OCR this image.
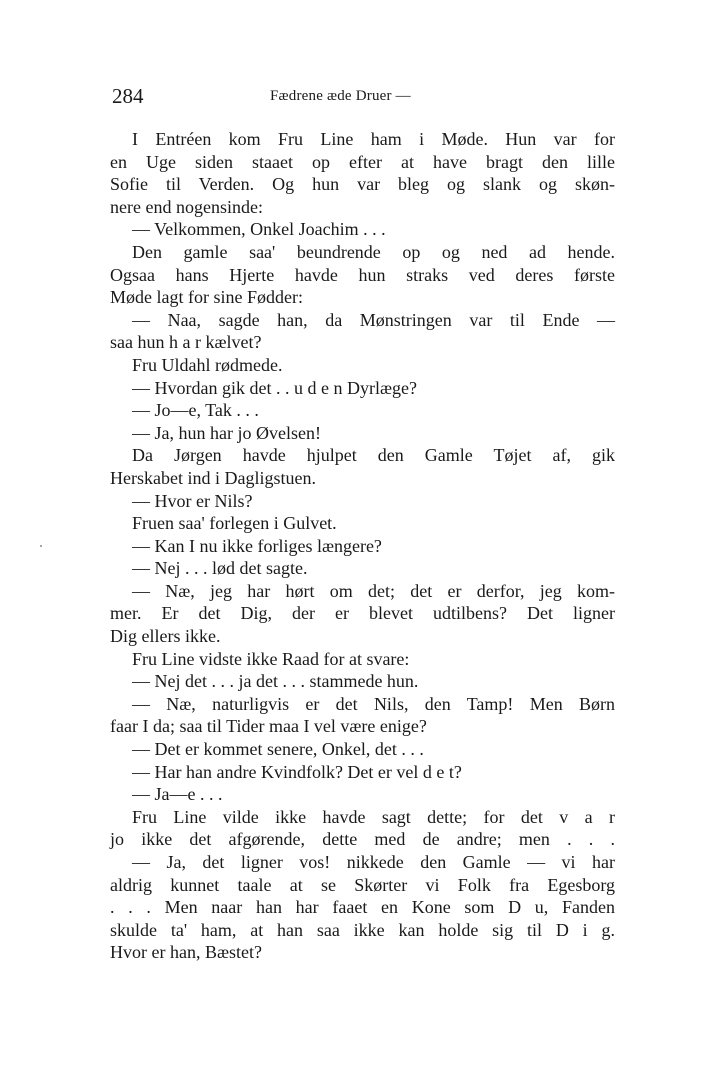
284	Fædrene æde Druer —
I Entréen kom Fru Line ham i Møde. Hun var for
en Uge siden staaet op efter at have bragt den lille
Sofie til Verden. Og hun var bleg og slank og skøn-
nere end nogensinde:
— Velkommen, Onkel Joachim . . .
Den gamle saa' beundrende op og ned ad hende.
Ogsaa hans Hjerte havde hun straks ved deres første
Møde lagt for sine Fødder:
— Naa, sagde han, da Mønstringen var til Ende —
saa hun h a r kælvet?
Fru Uldahl rødmede.
— Hvordan gik det . . u d e n Dyrlæge?
— Jo—e, Tak . . .
— Ja, hun har jo Øvelsen!
Da Jørgen havde hjulpet den Gamle Tøjet af, gik
Herskabet ind i Dagligstuen.
— Hvor er Nils?
Fruen saa' forlegen i Gulvet.
— Kan I nu ikke forliges længere?
— Nej . . . lød det sagte.
— Næ, jeg har hørt om det; det er derfor, jeg kom-
mer. Er det Dig, der er blevet udtilbens? Det ligner
Dig ellers ikke.
Fru Line vidste ikke Raad for at svare:
— Nej det . . . ja det . . . stammede hun.
— Næ, naturligvis er det Nils, den Tamp! Men Børn
faar I da; saa til Tider maa I vel være enige?
— Det er kommet senere, Onkel, det . . .
— Har han andre Kvindfolk? Det er vel d e t?
— Ja—e . . .
Fru Line vilde ikke havde sagt dette; for det v a r
jo ikke det afgørende, dette med de andre; men . . .
— Ja, det ligner vos! nikkede den Gamle — vi har
aldrig kunnet taale at se Skørter vi Folk fra Egesborg
. . . Men naar han har faaet en Kone som D u, Fanden
skulde ta' ham, at han saa ikke kan holde sig til D i g.
Hvor er han, Bæstet?
